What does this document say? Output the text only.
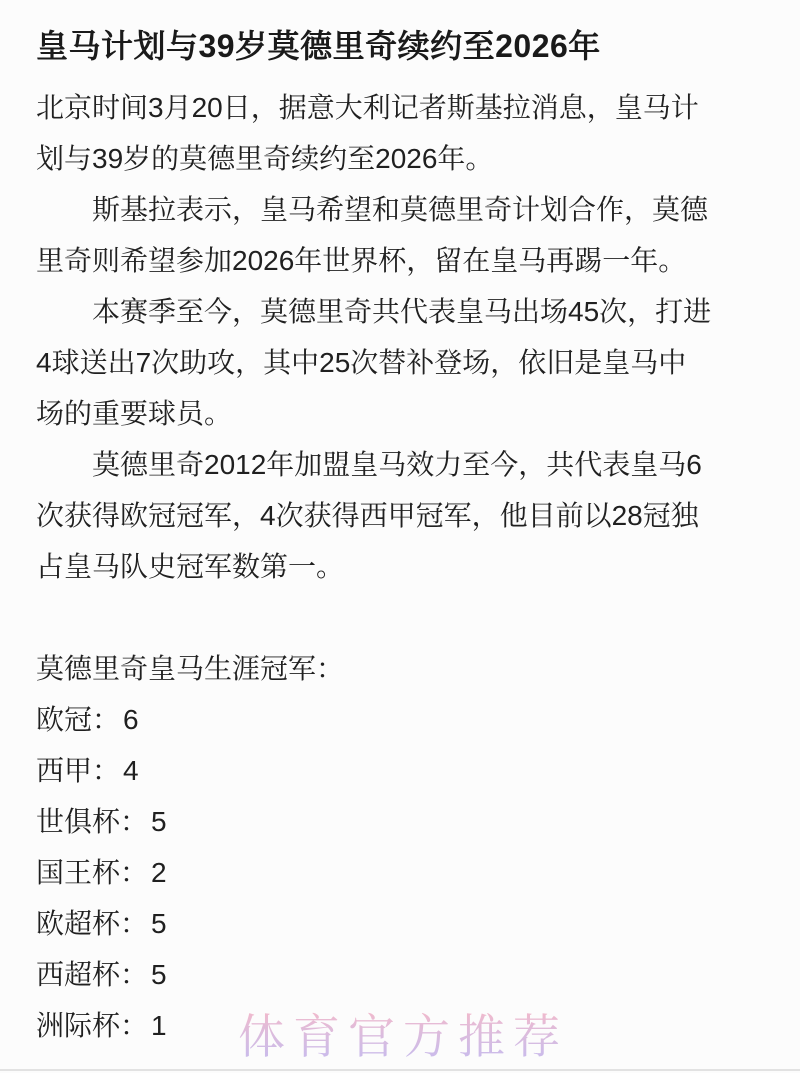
皇马计划与39岁莫德里奇续约至2026年
北京时间3月20日，据意大利记者斯基拉消息，皇马计
划与39岁的莫德里奇续约至2026年。
斯基拉表示，皇马希望和莫德里奇计划合作，莫德
里奇则希望参加2026年世界杯，留在皇马再踢一年。
本赛季至今，莫德里奇共代表皇马出场45次，打进
4球送出7次助攻，其中25次替补登场，依旧是皇马中
场的重要球员。
莫德里奇2012年加盟皇马效力至今，共代表皇马6
次获得欧冠冠军，4次获得西甲冠军，他目前以28冠独
占皇马队史冠军数第一。
莫德里奇皇马生涯冠军：
欧冠： 6
西甲： 4
世俱杯： 5
国王杯： 2
欧超杯： 5
西超杯： 5
洲际杯： 1	体育官方推荐
